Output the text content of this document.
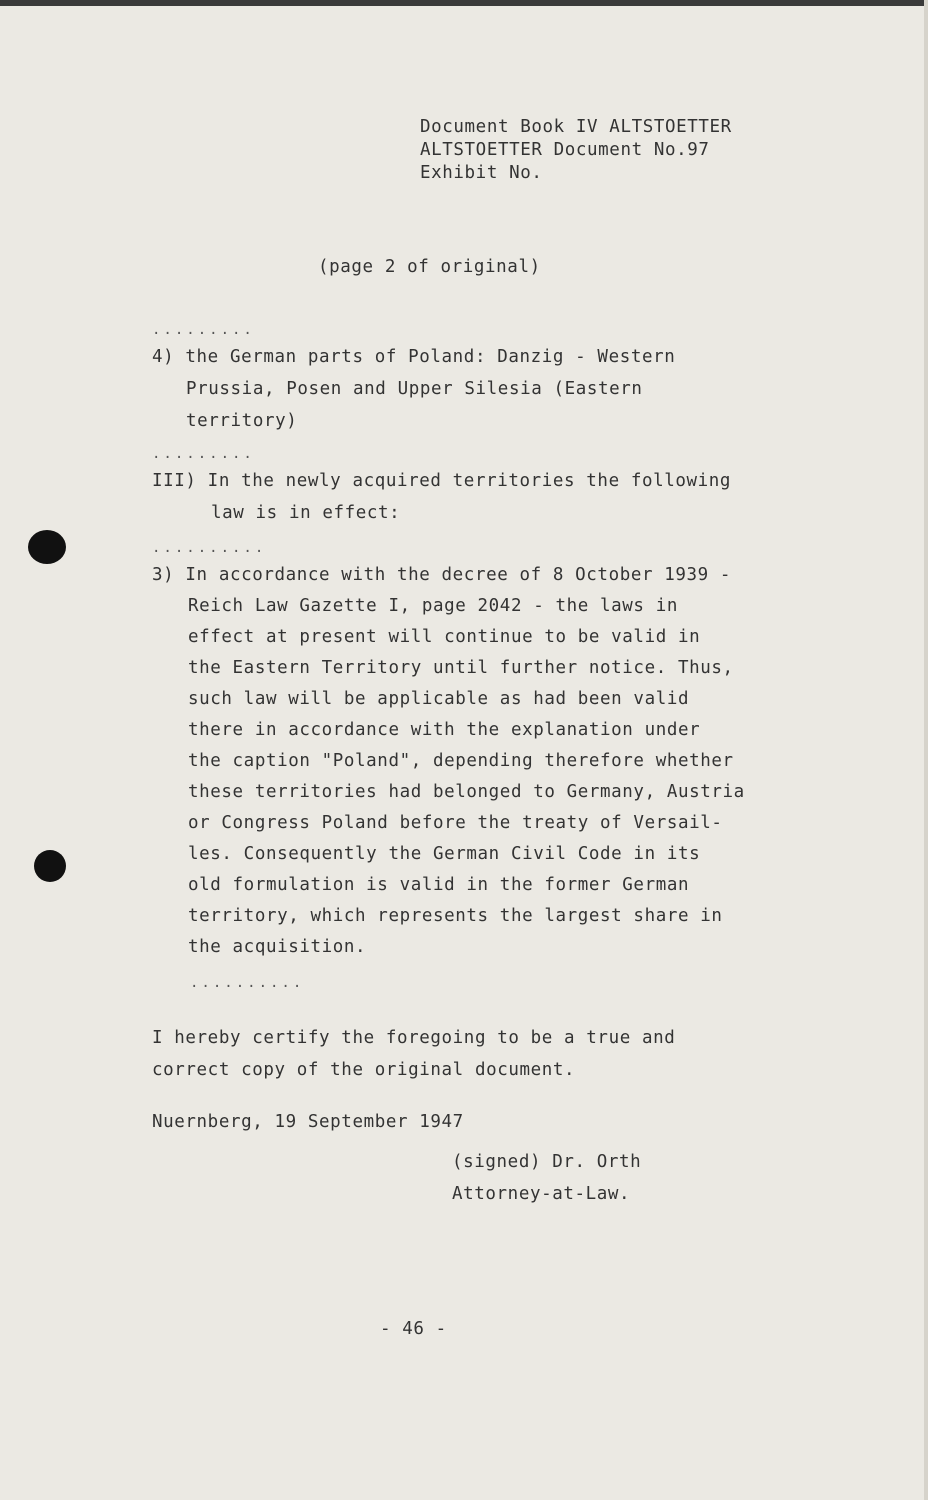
Document Book IV ALTSTOETTER
ALTSTOETTER Document No.97
Exhibit No.
(page 2 of original)
.........
4) the German parts of Poland: Danzig - Western
Prussia, Posen and Upper Silesia (Eastern
territory)
.........
III) In the newly acquired territories the following
law is in effect:
..........
3) In accordance with the decree of 8 October 1939 -
Reich Law Gazette I, page 2042 - the laws in
effect at present will continue to be valid in
the Eastern Territory until further notice. Thus,
such law will be applicable as had been valid
there in accordance with the explanation under
the caption "Poland", depending therefore whether
these territories had belonged to Germany, Austria
or Congress Poland before the treaty of Versail-
les. Consequently the German Civil Code in its
old formulation is valid in the former German
territory, which represents the largest share in
the acquisition.
..........
I hereby certify the foregoing to be a true and
correct copy of the original document.
Nuernberg, 19 September 1947
(signed) Dr. Orth
Attorney-at-Law.
- 46 -
